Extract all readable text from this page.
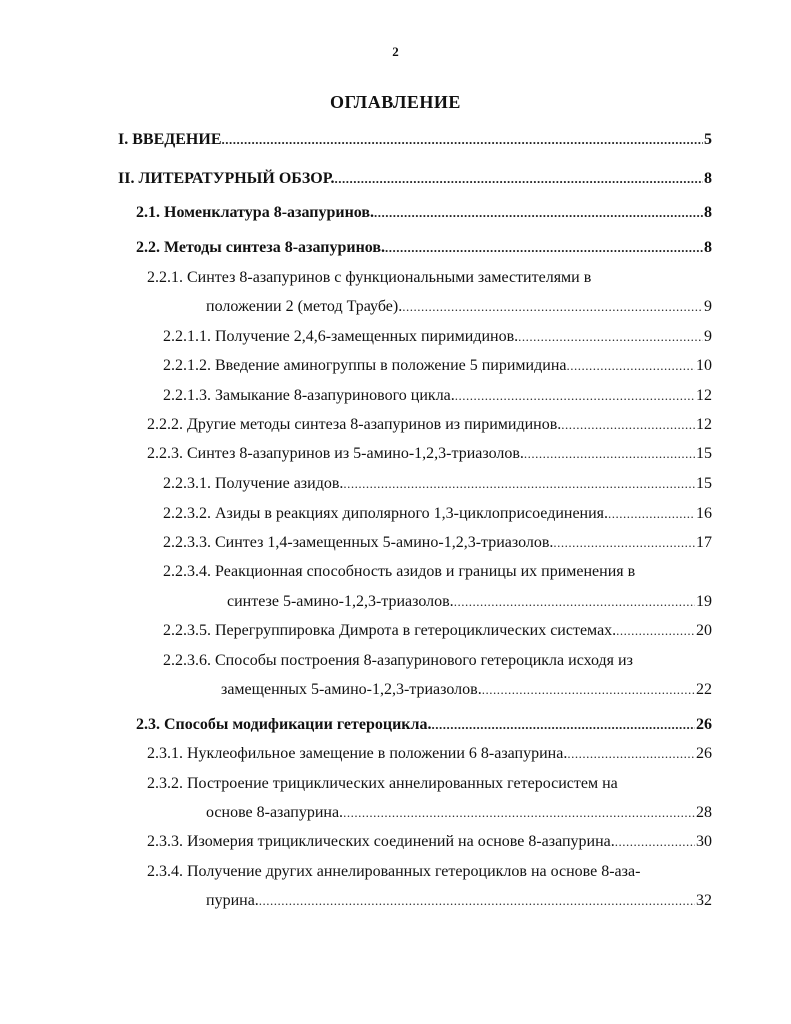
2
ОГЛАВЛЕНИЕ
I. ВВЕДЕНИЕ .....	5
II. ЛИТЕРАТУРНЫЙ ОБЗОР. .....	8
2.1. Номенклатура 8-азапуринов. .....	8
2.2. Методы синтеза 8-азапуринов. .....	8
2.2.1. Синтез 8-азапуринов с функциональными заместителями в
положении 2 (метод Траубе). .....	9
2.2.1.1. Получение 2,4,6-замещенных пиримидинов. .....	9
2.2.1.2. Введение аминогруппы в положение 5 пиримидина .....	10
2.2.1.3. Замыкание 8-азапуринового цикла. .....	12
2.2.2. Другие методы синтеза 8-азапуринов из пиримидинов. .....	12
2.2.3. Синтез 8-азапуринов из 5-амино-1,2,3-триазолов. .....	15
2.2.3.1. Получение азидов. .....	15
2.2.3.2. Азиды в реакциях диполярного 1,3-циклоприсоединения. .....	16
2.2.3.3. Синтез 1,4-замещенных 5-амино-1,2,3-триазолов. .....	17
2.2.3.4. Реакционная способность азидов и границы их применения в
синтезе 5-амино-1,2,3-триазолов. .....	19
2.2.3.5. Перегруппировка Димрота в гетероциклических системах. .....	20
2.2.3.6. Способы построения 8-азапуринового гетероцикла исходя из
замещенных 5-амино-1,2,3-триазолов. .....	22
2.3. Способы модификации гетероцикла. .....	26
2.3.1. Нуклеофильное замещение в положении 6 8-азапурина. .....	26
2.3.2. Построение трициклических аннелированных гетеросистем на
основе 8-азапурина. .....	28
2.3.3. Изомерия трициклических соединений на основе 8-азапурина. .....	30
2.3.4. Получение других аннелированных гетероциклов на основе 8-аза-
пурина. .....	32
